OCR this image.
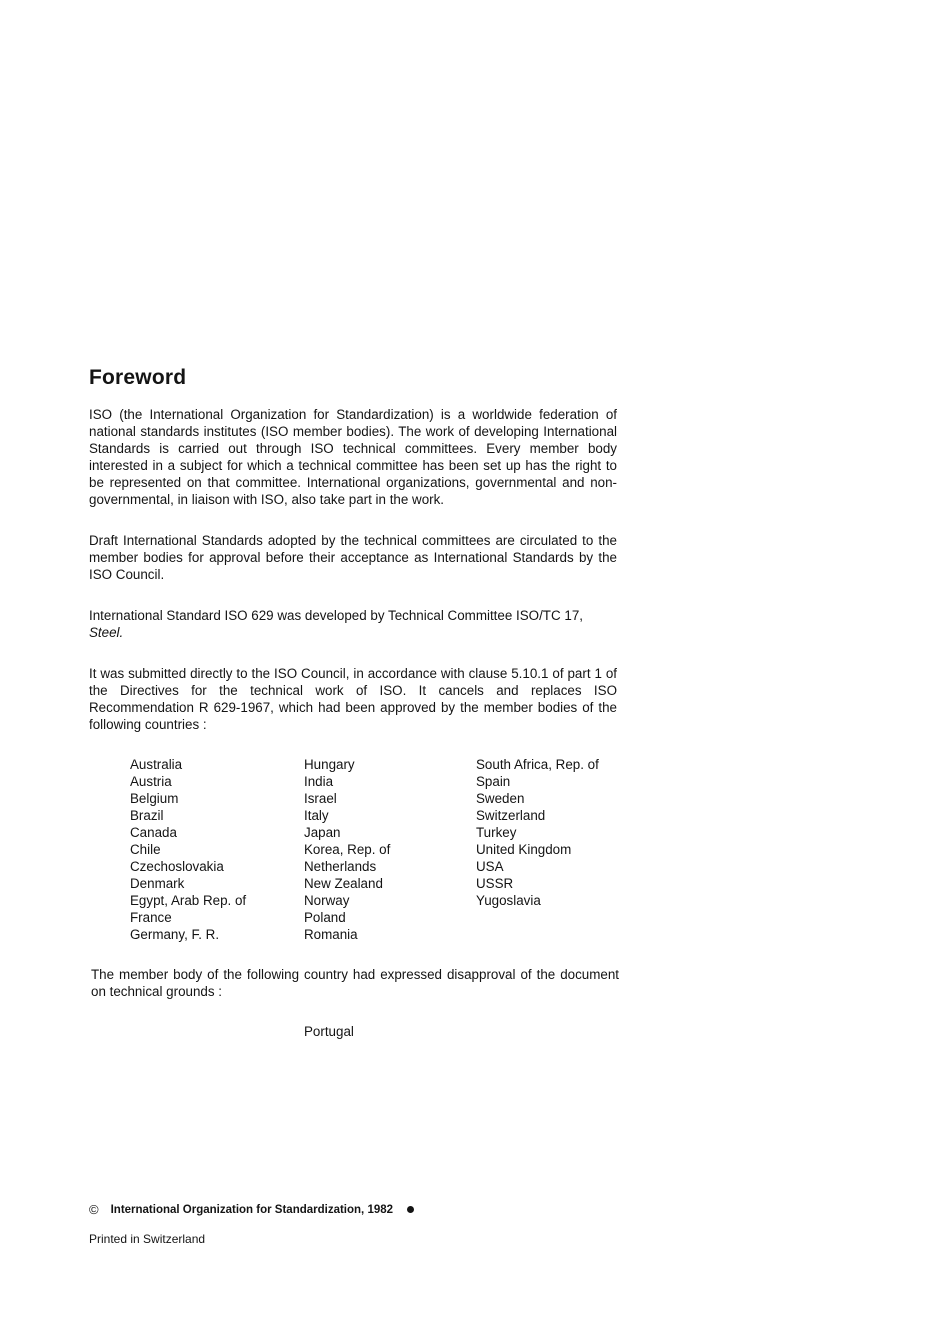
Foreword

ISO (the International Organization for Standardization) is a worldwide federation of national standards institutes (ISO member bodies). The work of developing International Standards is carried out through ISO technical committees. Every member body interested in a subject for which a technical committee has been set up has the right to be represented on that committee. International organizations, governmental and non-governmental, in liaison with ISO, also take part in the work.

Draft International Standards adopted by the technical committees are circulated to the member bodies for approval before their acceptance as International Standards by the ISO Council.

International Standard ISO 629 was developed by Technical Committee ISO/TC 17,
Steel.

It was submitted directly to the ISO Council, in accordance with clause 5.10.1 of part 1 of the Directives for the technical work of ISO. It cancels and replaces ISO Recommendation R 629-1967, which had been approved by the member bodies of the following countries :

Australia
Austria
Belgium
Brazil
Canada
Chile
Czechoslovakia
Denmark
Egypt, Arab Rep. of
France
Germany, F. R.
Hungary
India
Israel
Italy
Japan
Korea, Rep. of
Netherlands
New Zealand
Norway
Poland
Romania
South Africa, Rep. of
Spain
Sweden
Switzerland
Turkey
United Kingdom
USA
USSR
Yugoslavia

The member body of the following country had expressed disapproval of the document on technical grounds :

Portugal

© International Organization for Standardization, 1982

Printed in Switzerland
